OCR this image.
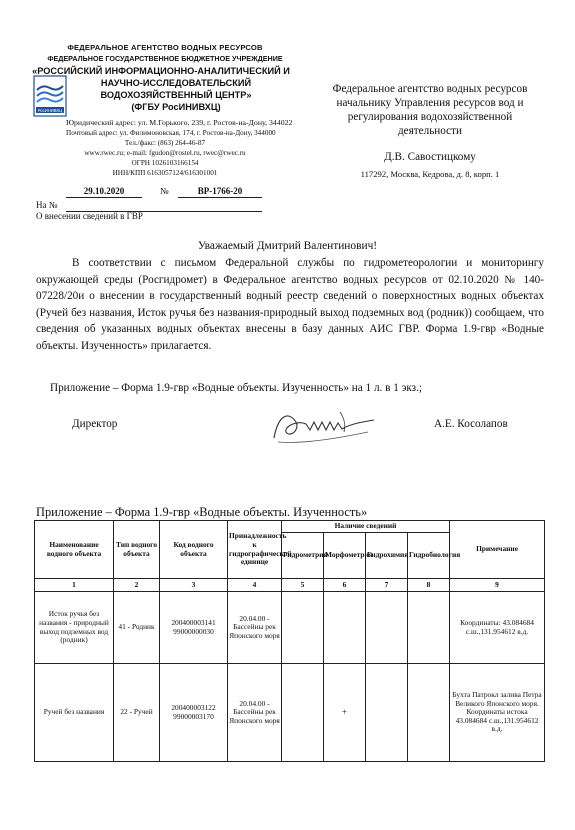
ФЕДЕРАЛЬНОЕ АГЕНТСТВО ВОДНЫХ РЕСУРСОВ
ФЕДЕРАЛЬНОЕ ГОСУДАРСТВЕННОЕ БЮДЖЕТНОЕ УЧРЕЖДЕНИЕ
«РОССИЙСКИЙ ИНФОРМАЦИОННО-АНАЛИТИЧЕСКИЙ И
НАУЧНО-ИССЛЕДОВАТЕЛЬСКИЙ
ВОДОХОЗЯЙСТВЕННЫЙ ЦЕНТР»
(ФГБУ РосИНИВХЦ)
РосИНИВХЦ
Юридический адрес: ул. М.Горького, 239, г. Ростов-на-Дону, 344022
Почтовый адрес: ул. Филимоновская, 174, г. Ростов-на-Дону, 344000
Тел./факс: (863) 264-46-87
www.rwec.ru; e-mail: fgudon@rostel.ru, rwec@rwec.ru
ОГРН 1026103166154
ИНН/КПП 6163057124/616301001
29.10.2020	№	ВР-1766-20
На №
О внесении сведений в ГВР
Федеральное агентство водных ресурсов
начальнику Управления ресурсов вод и
регулирования водохозяйственной
деятельности
Д.В. Савостицкому
117292, Москва, Кедрова, д. 8, корп. 1
Уважаемый Дмитрий Валентинович!

В соответствии с письмом Федеральной службы по гидрометеорологии и мониторингу окружающей среды (Росгидромет) в Федеральное агентство водных ресурсов от 02.10.2020 № 140-07228/20и о внесении в государственный водный реестр сведений о поверхностных водных объектах (Ручей без названия, Исток ручья без названия-природный выход подземных вод (родник)) сообщаем, что сведения об указанных водных объектах внесены в базу данных АИС ГВР. Форма 1.9-гвр «Водные объекты. Изученность» прилагается.

Приложение – Форма 1.9-гвр «Водные объекты. Изученность» на 1 л. в 1 экз.;
Директор	А.Е. Косолапов
Приложение – Форма 1.9-гвр «Водные объекты. Изученность»
Наименование водного объекта	Тип водного объекта	Код водного объекта	Принадлежность к гидрографической единице	Наличие сведений				Примечание
				Гидрометрия	Морфометрия	Гидрохимия	Гидробиология	
1	2	3	4	5	6	7	8	9
Исток ручья без названия - природный выход подземных вод (родник)	41 - Родник	200400003141 99000000030	20.04.00 - Бассейны рек Японского моря					Координаты: 43.084684 с.ш.,131.954612 в.д.
Ручей без названия	22 - Ручей	200400003122 99000003170	20.04.00 - Бассейны рек Японского моря		+			Бухта Патрокл залива Петра Великого Японского моря. Координаты истока 43.084684 с.ш.,131.954612 в.д.
